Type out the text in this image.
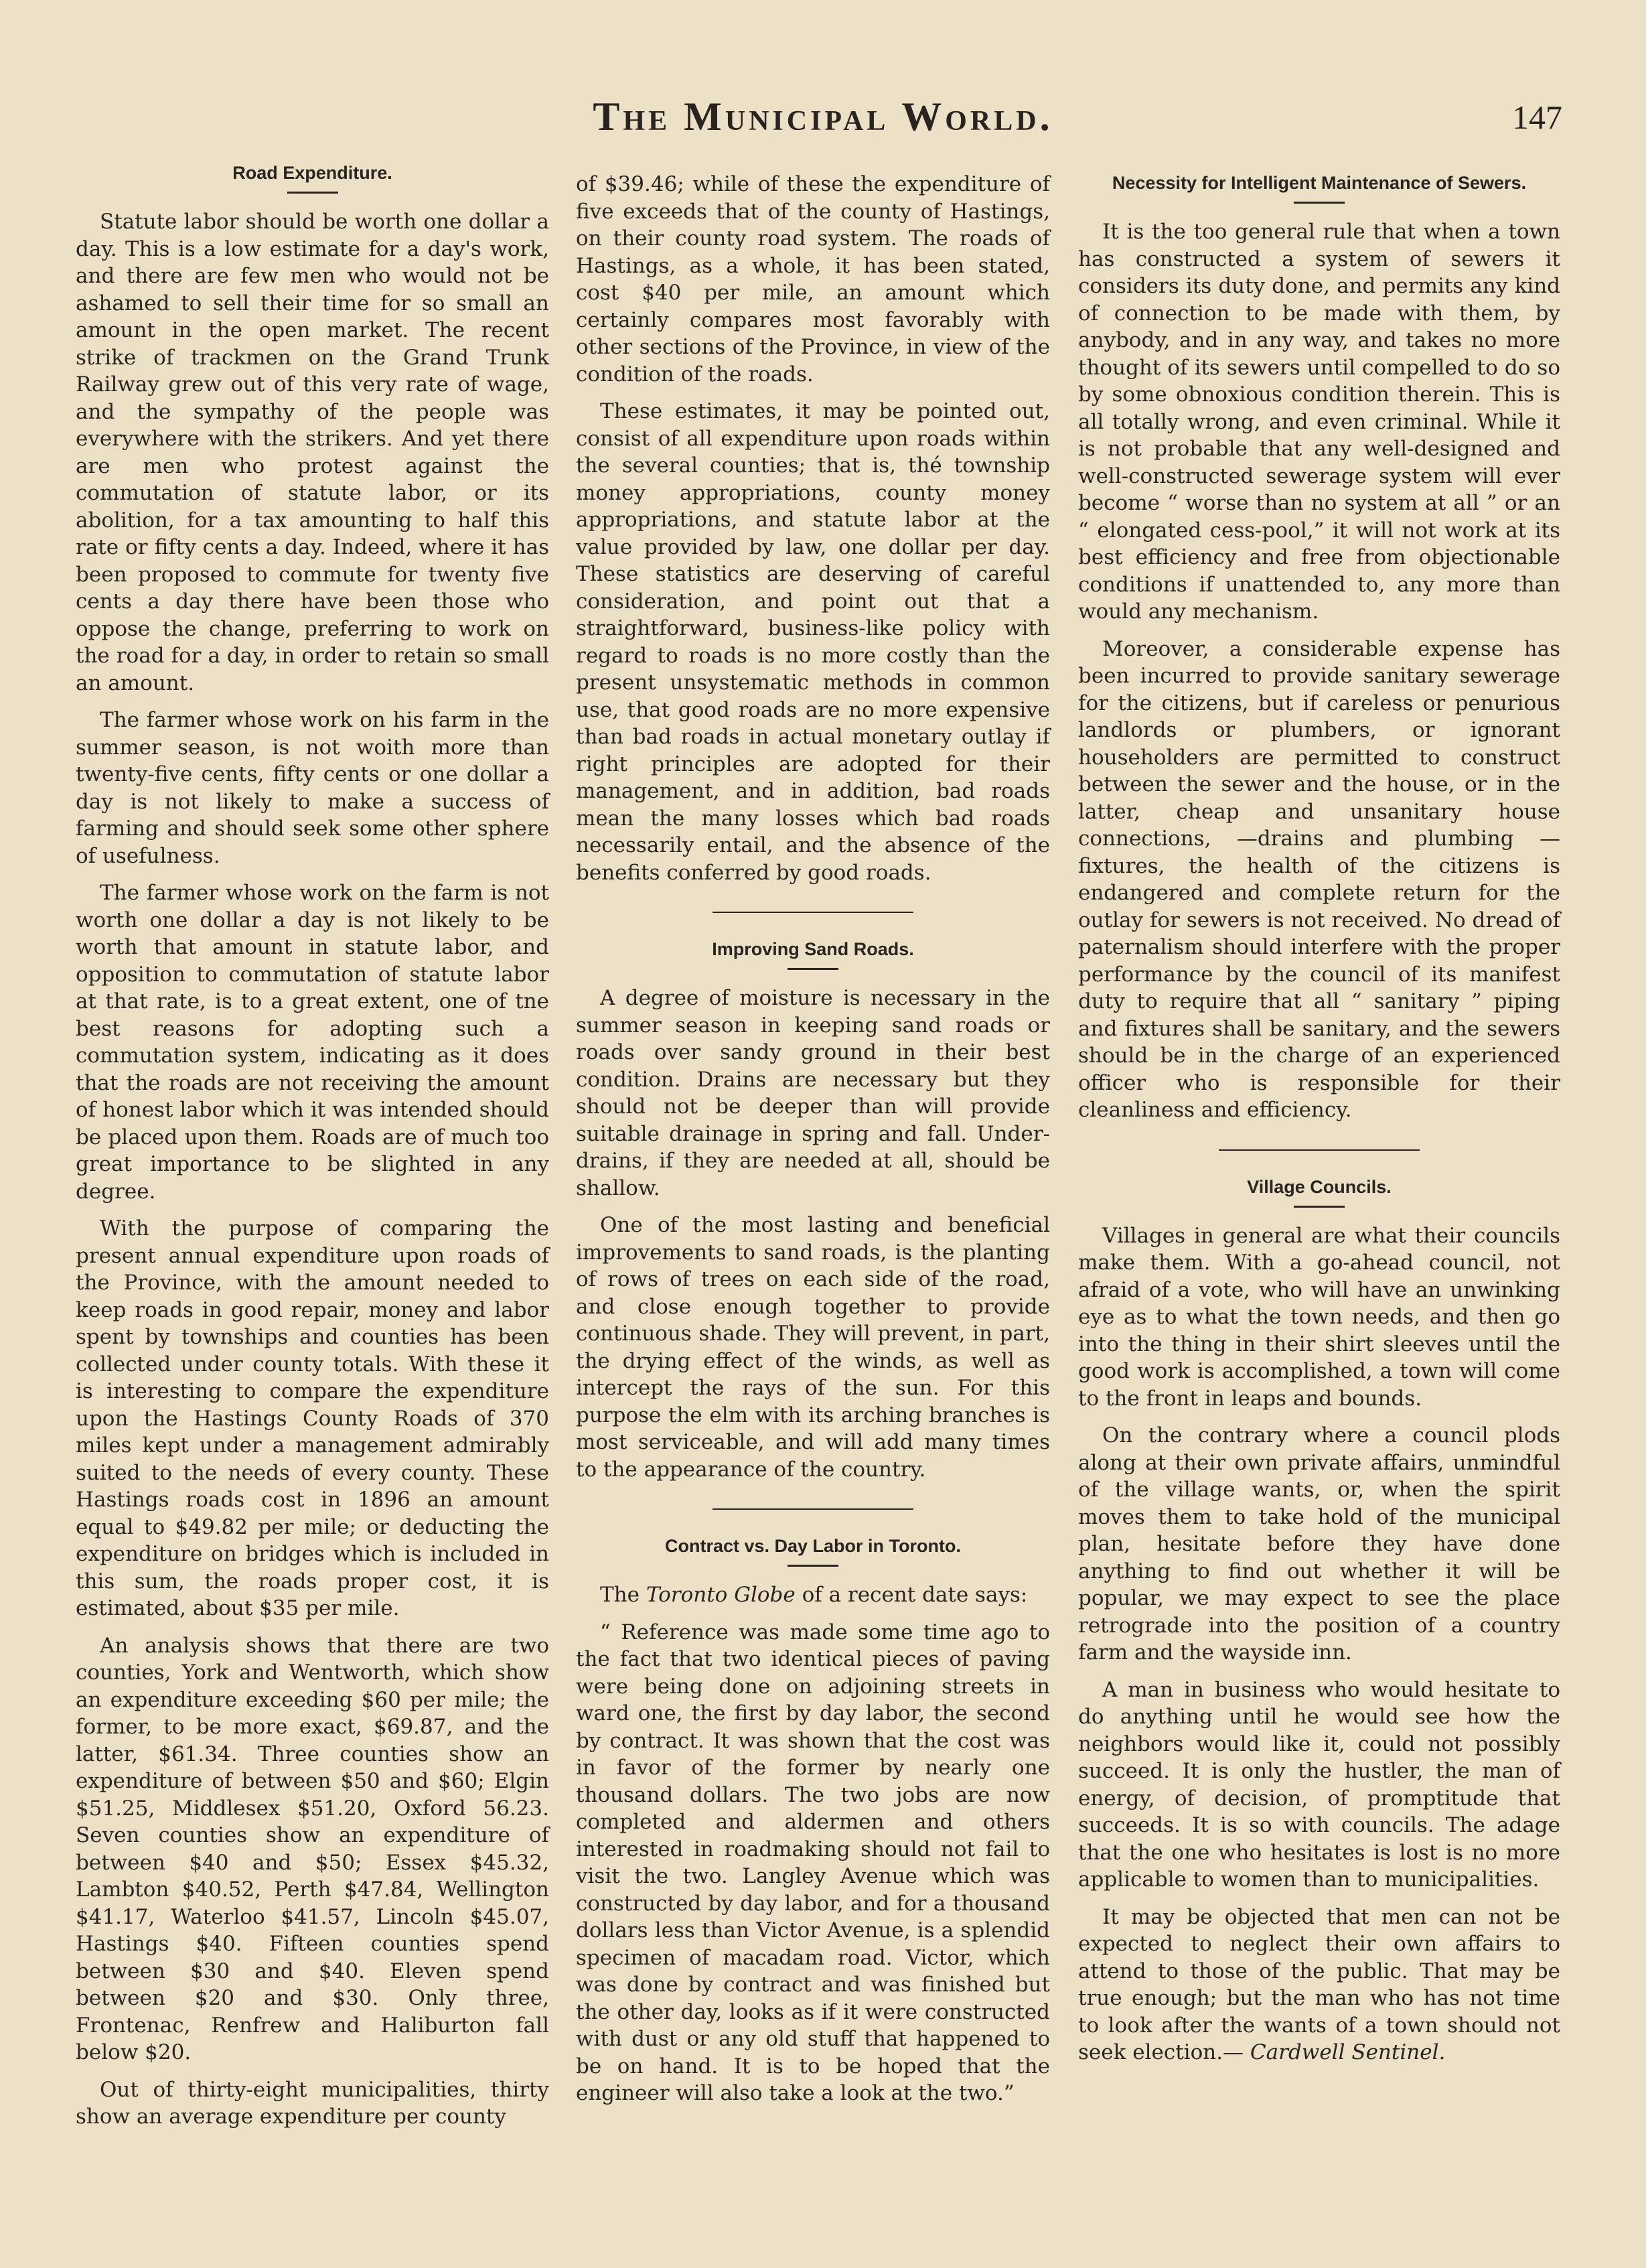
The Municipal World.	147
Road Expenditure.

Statute labor should be worth one dollar a day. This is a low estimate for a day's work, and there are few men who would not be ashamed to sell their time for so small an amount in the open market. The recent strike of trackmen on the Grand Trunk Railway grew out of this very rate of wage, and the sympathy of the people was everywhere with the strikers. And yet there are men who protest against the commutation of statute labor, or its abolition, for a tax amounting to half this rate or fifty cents a day. Indeed, where it has been proposed to commute for twenty five cents a day there have been those who oppose the change, preferring to work on the road for a day, in order to retain so small an amount.

The farmer whose work on his farm in the summer season, is not woith more than twenty-five cents, fifty cents or one dollar a day is not likely to make a success of farming and should seek some other sphere of usefulness.

The farmer whose work on the farm is not worth one dollar a day is not likely to be worth that amount in statute labor, and opposition to commutation of statute labor at that rate, is to a great extent, one of tne best reasons for adopting such a commutation system, indicating as it does that the roads are not receiving the amount of honest labor which it was intended should be placed upon them. Roads are of much too great importance to be slighted in any degree.

With the purpose of comparing the present annual expenditure upon roads of the Province, with the amount needed to keep roads in good repair, money and labor spent by townships and counties has been collected under county totals. With these it is interesting to compare the expenditure upon the Hastings County Roads of 370 miles kept under a management admirably suited to the needs of every county. These Hastings roads cost in 1896 an amount equal to $49.82 per mile; or deducting the expenditure on bridges which is included in this sum, the roads proper cost, it is estimated, about $35 per mile.

An analysis shows that there are two counties, York and Wentworth, which show an expenditure exceeding $60 per mile; the former, to be more exact, $69.87, and the latter, $61.34. Three counties show an expenditure of between $50 and $60; Elgin $51.25, Middlesex $51.20, Oxford 56.23. Seven counties show an expenditure of between $40 and $50; Essex $45.32, Lambton $40.52, Perth $47.84, Wellington $41.17, Waterloo $41.57, Lincoln $45.07, Hastings $40. Fifteen counties spend between $30 and $40. Eleven spend between $20 and $30. Only three, Frontenac, Renfrew and Haliburton fall below $20.

Out of thirty-eight municipalities, thirty show an average expenditure per county

of $39.46; while of these the expenditure of five exceeds that of the county of Hastings, on their county road system. The roads of Hastings, as a whole, it has been stated, cost $40 per mile, an amount which certainly compares most favorably with other sections of the Province, in view of the condition of the roads.

These estimates, it may be pointed out, consist of all expenditure upon roads within the several counties; that is, thé township money appropriations, county money appropriations, and statute labor at the value provided by law, one dollar per day. These statistics are deserving of careful consideration, and point out that a straightforward, business-like policy with regard to roads is no more costly than the present unsystematic methods in common use, that good roads are no more expensive than bad roads in actual monetary outlay if right principles are adopted for their management, and in addition, bad roads mean the many losses which bad roads necessarily entail, and the absence of the benefits conferred by good roads.

Improving Sand Roads.

A degree of moisture is necessary in the summer season in keeping sand roads or roads over sandy ground in their best condition. Drains are necessary but they should not be deeper than will provide suitable drainage in spring and fall. Under-drains, if they are needed at all, should be shallow.

One of the most lasting and beneficial improvements to sand roads, is the planting of rows of trees on each side of the road, and close enough together to provide continuous shade. They will prevent, in part, the drying effect of the winds, as well as intercept the rays of the sun. For this purpose the elm with its arching branches is most serviceable, and will add many times to the appearance of the country.

Contract vs. Day Labor in Toronto.

The Toronto Globe of a recent date says:

“ Reference was made some time ago to the fact that two identical pieces of paving were being done on adjoining streets in ward one, the first by day labor, the second by contract. It was shown that the cost was in favor of the former by nearly one thousand dollars. The two jobs are now completed and aldermen and others interested in roadmaking should not fail to visit the two. Langley Avenue which was constructed by day labor, and for a thousand dollars less than Victor Avenue, is a splendid specimen of macadam road. Victor, which was done by contract and was finished but the other day, looks as if it were constructed with dust or any old stuff that happened to be on hand. It is to be hoped that the engineer will also take a look at the two.”

Necessity for Intelligent Maintenance of Sewers.

It is the too general rule that when a town has constructed a system of sewers it considers its duty done, and permits any kind of connection to be made with them, by anybody, and in any way, and takes no more thought of its sewers until compelled to do so by some obnoxious condition therein. This is all totally wrong, and even criminal. While it is not probable that any well-designed and well-constructed sewerage system will ever become “ worse than no system at all ” or an “ elongated cess-pool,” it will not work at its best efficiency and free from objectionable conditions if unattended to, any more than would any mechanism.

Moreover, a considerable expense has been incurred to provide sanitary sewerage for the citizens, but if careless or penurious landlords or plumbers, or ignorant householders are permitted to construct between the sewer and the house, or in the latter, cheap and unsanitary house connections, —drains and plumbing — fixtures, the health of the citizens is endangered and complete return for the outlay for sewers is not received. No dread of paternalism should interfere with the proper performance by the council of its manifest duty to require that all “ sanitary ” piping and fixtures shall be sanitary, and the sewers should be in the charge of an experienced officer who is responsible for their cleanliness and efficiency.

Village Councils.

Villages in general are what their councils make them. With a go-ahead council, not afraid of a vote, who will have an unwinking eye as to what the town needs, and then go into the thing in their shirt sleeves until the good work is accomplished, a town will come to the front in leaps and bounds.

On the contrary where a council plods along at their own private affairs, unmindful of the village wants, or, when the spirit moves them to take hold of the municipal plan, hesitate before they have done anything to find out whether it will be popular, we may expect to see the place retrograde into the position of a country farm and the wayside inn.

A man in business who would hesitate to do anything until he would see how the neighbors would like it, could not possibly succeed. It is only the hustler, the man of energy, of decision, of promptitude that succeeds. It is so with councils. The adage that the one who hesitates is lost is no more applicable to women than to municipalities.

It may be objected that men can not be expected to neglect their own affairs to attend to those of the public. That may be true enough; but the man who has not time to look after the wants of a town should not seek election.— Cardwell Sentinel.
